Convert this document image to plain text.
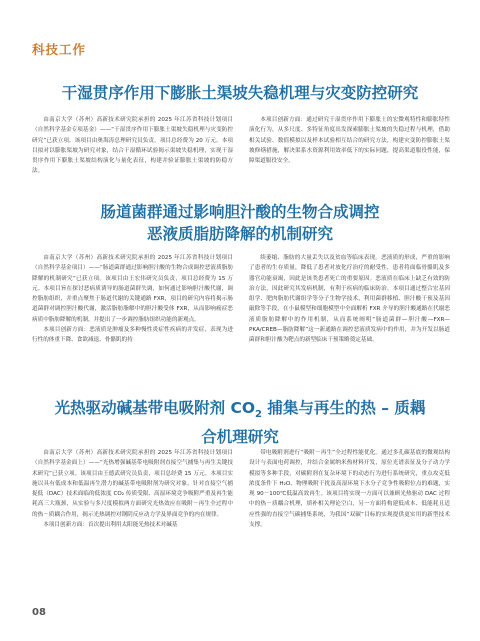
科技工作
干湿贯序作用下膨胀土渠坡失稳机理与灾变防控研究

由南京大学（苏州）高新技术研究院承担的 2025 年江苏省科技计划项目（自然科学基金专项基金）——“干湿贯序作用下膨胀土渠坡失稳机理与灾变防控研究”已获立项。该项目由奥海涛总理研究员负责，项目总经费为 20 万元。本项目拟对以膨胀渠坡为研究对象，结合干湿循环试验揭示渠坡失稳机理，实现干湿贯序作用下膨胀土渠坡结构演化与量化表征，构建并验证膨胀土渠坡的防稳方法。

本项目创新方面：通过研究干湿贯序作用下膨胀土的宏微观特性和膨胀特性演化行为，从多尺度、多特征角度出发探索膨胀土渠坡的失稳过程与机理，借助相关试验、数值模拟以及样本试验相互结合的研究方法，构建灾变防控膨胀土渠坡修缮措施，解决渠系水资源利用效率低下的实际问题，提高渠道服役性能，保障渠道服役安全。

肠道菌群通过影响胆汁酸的生物合成调控
恶液质脂肪降解的机制研究

由南京大学（苏州）高新技术研究院承担的 2025 年江苏省科技计划项目（自然科学基金项目）——“肠道菌群通过影响胆汁酸的生物合成调控恶液质脂肪降解的机制研究”已获立项。该项目由王宏伟研究员负责，项目总经费为 15 万元。本项目旨在探讨恶病质诱导的肠道菌群失调，如何通过影响胆汁酸代谢，调控脂肪组织，并重点聚焦于肠道代谢的关键通路 FXR，项目的研究内容将揭示肠道菌群对调控胆汁酸代谢，激活脂肪脂解中的胆汁酸受体 FXR，从而影响癌症恶病质中脂肪降解的机制，并提出了一步调控脂肪组织功能的新观点。

本项目创新方面：恶液质是肿瘤及多种慢性炎症性疾病的并发症，表现为进行性的体重下降、食欲减退、骨骼肌的持

续萎缩、脂肪的大量丢失以及贫血等临床表现。恶液质的形成，严重的影响了患者的生存质量，降低了患者对放化疗治疗的耐受性，患者将面临骨骼肌及多器官功能衰竭，因此是该类患者死亡的重要原因。恶液质在临床上缺乏有效的防治方法，因此研究其发病机制，有利于疾病的临床防治。本项目通过整合宏基因组学、肥肉脂肪代谢组学等分子生物学技术，利用菌群移植、胆汁酸干预及基因敲除等手段，在小鼠模型和细胞模型中全面解析 FXR 介导的胆汁酸通路在代谢恶液质脂肪降解中的作用机制，从而系统阐明“肠道菌群—胆汁酸—FXR—PKA/CREB—脂肪降解”这一新通路在调控恶液质发病中的作用，并为开发以肠道菌群和胆汁酸为靶点的新型临床干预策略奠定基础。

光热驱动碱基带电吸附剂 $CO_2$ 捕集与再生的热 – 质耦
合机理研究

由南京大学（苏州）高新技术研究院承担的 2025 年江苏省科技计划项目（自然科学基金面上）——“光热增强碱基带电吸附剂直接空气捕集与再生关键技术研究”已获立项。该项目由王德武研究员负责，项目总经费 15 万元。本项目实施以具有低成本和低温再生潜力的碱基带电吸附剂为研究对象，针对直接空气捕捉低（DAC）技术面临的低浓度 CO₂ 传质受限、高湿环境竞争吸附严重及再生能耗高三大瓶颈，从实验与多尺度模拟两方面研究光热效应在吸附－再生全过程中的热－质耦合作用，揭示光热调控对钢阴反应动力学及界面竞争的内在规律。

本项目创新方面：首次提出利用太阳能光热技术对碱基

带电吸附剂进行“吸附－再生”全过程性能优化。通过多孔碳基底的微观结构设计与表面电荷调控，并结合金属纳米热材料开发，原位光谱表征及分子动力学模拟等多种手段，对碳附剂在复杂环境下的动态行为进行系统研究，重点攻克低浓度条件下 H₂O、物理吸附干扰及高湿环境下水分子竞争性吸附位点的难题，实现 90－100℃低温高效再生。该项目将实现一方面可以兼顾光热驱动 DAC 过程中的热－质耦合机理，填补相关理论空白，另一方面将构建低成本、低能耗且适应性强的直接空气碳捕集系统，为我国“双碳”目标的实现提供更实用的新型技术支撑。

08
